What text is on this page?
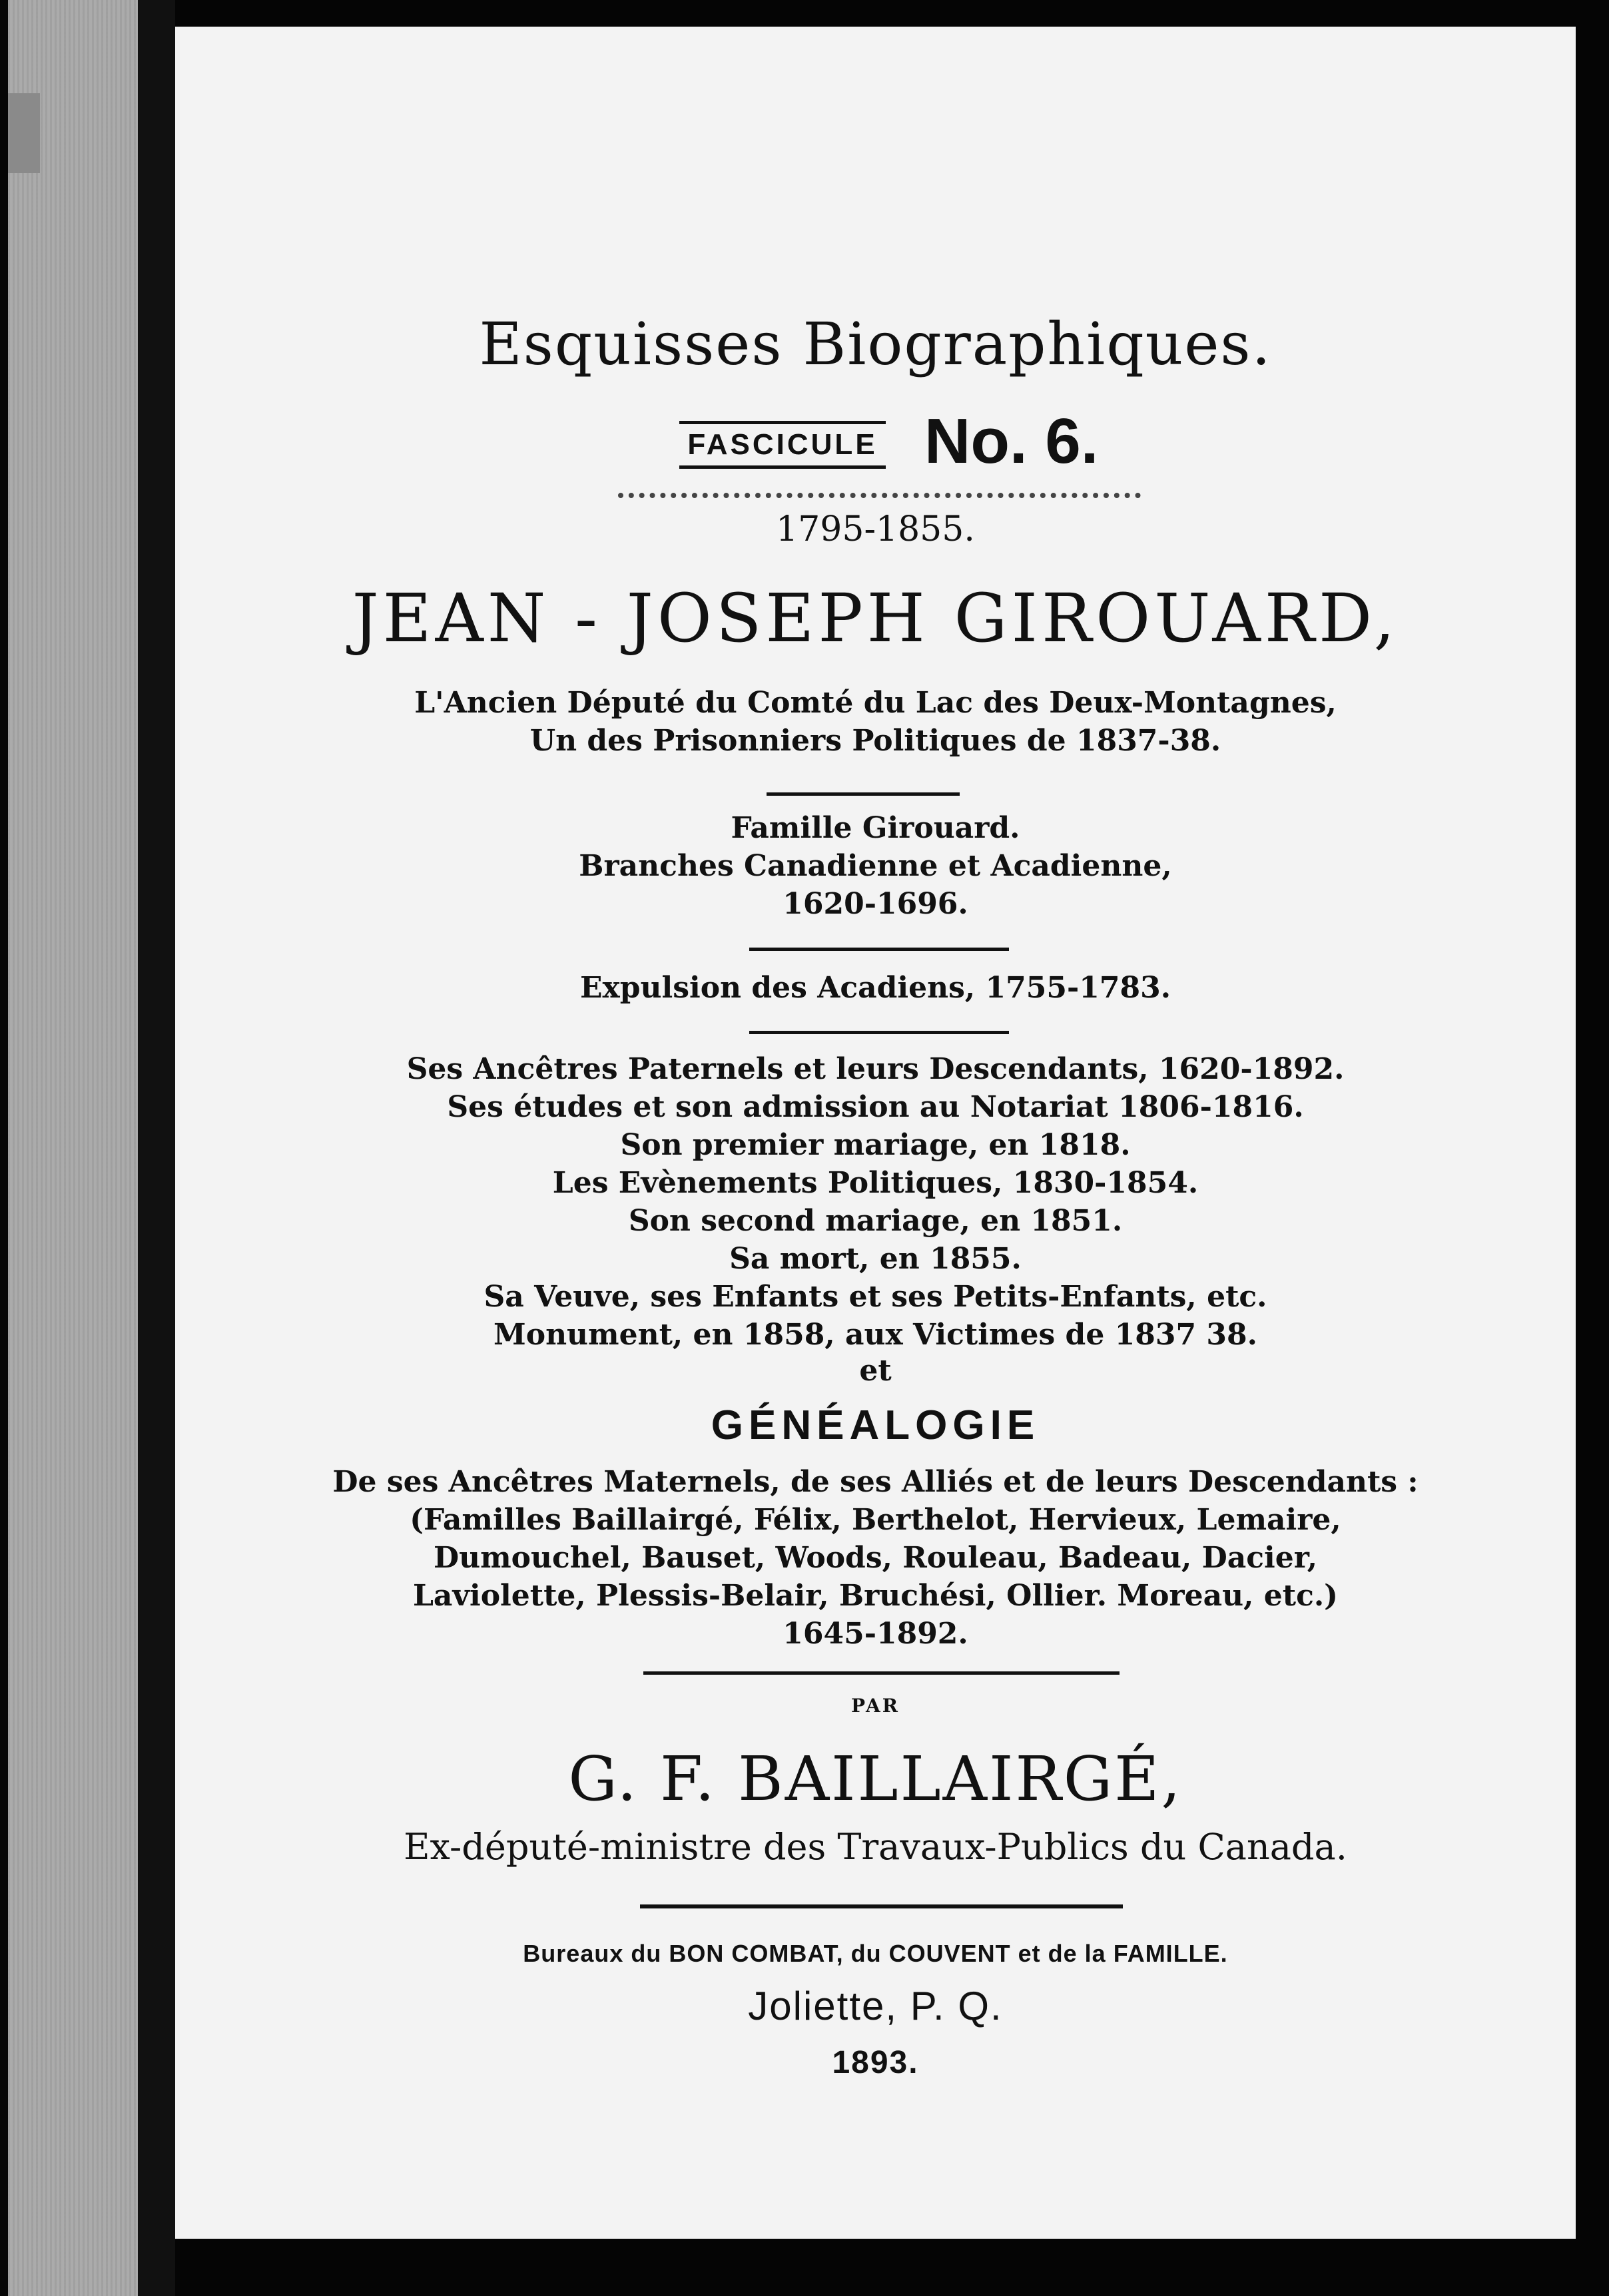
Esquisses Biographiques.
FASCICULE No. 6.
1795-1855.
JEAN - JOSEPH GIROUARD,
L'Ancien Député du Comté du Lac des Deux-Montagnes,
Un des Prisonniers Politiques de 1837-38.
Famille Girouard.
Branches Canadienne et Acadienne,
1620-1696.
Expulsion des Acadiens, 1755-1783.
Ses Ancêtres Paternels et leurs Descendants, 1620-1892.
Ses études et son admission au Notariat 1806-1816.
Son premier mariage, en 1818.
Les Evènements Politiques, 1830-1854.
Son second mariage, en 1851.
Sa mort, en 1855.
Sa Veuve, ses Enfants et ses Petits-Enfants, etc.
Monument, en 1858, aux Victimes de 1837 38.
et
GÉNÉALOGIE
De ses Ancêtres Maternels, de ses Alliés et de leurs Descendants :
(Familles Baillairgé, Félix, Berthelot, Hervieux, Lemaire,
Dumouchel, Bauset, Woods, Rouleau, Badeau, Dacier,
Laviolette, Plessis-Belair, Bruchési, Ollier. Moreau, etc.)
1645-1892.
PAR
G. F. BAILLAIRGÉ,
Ex-député-ministre des Travaux-Publics du Canada.
Bureaux du BON COMBAT, du COUVENT et de la FAMILLE.
Joliette, P. Q.
1893.
